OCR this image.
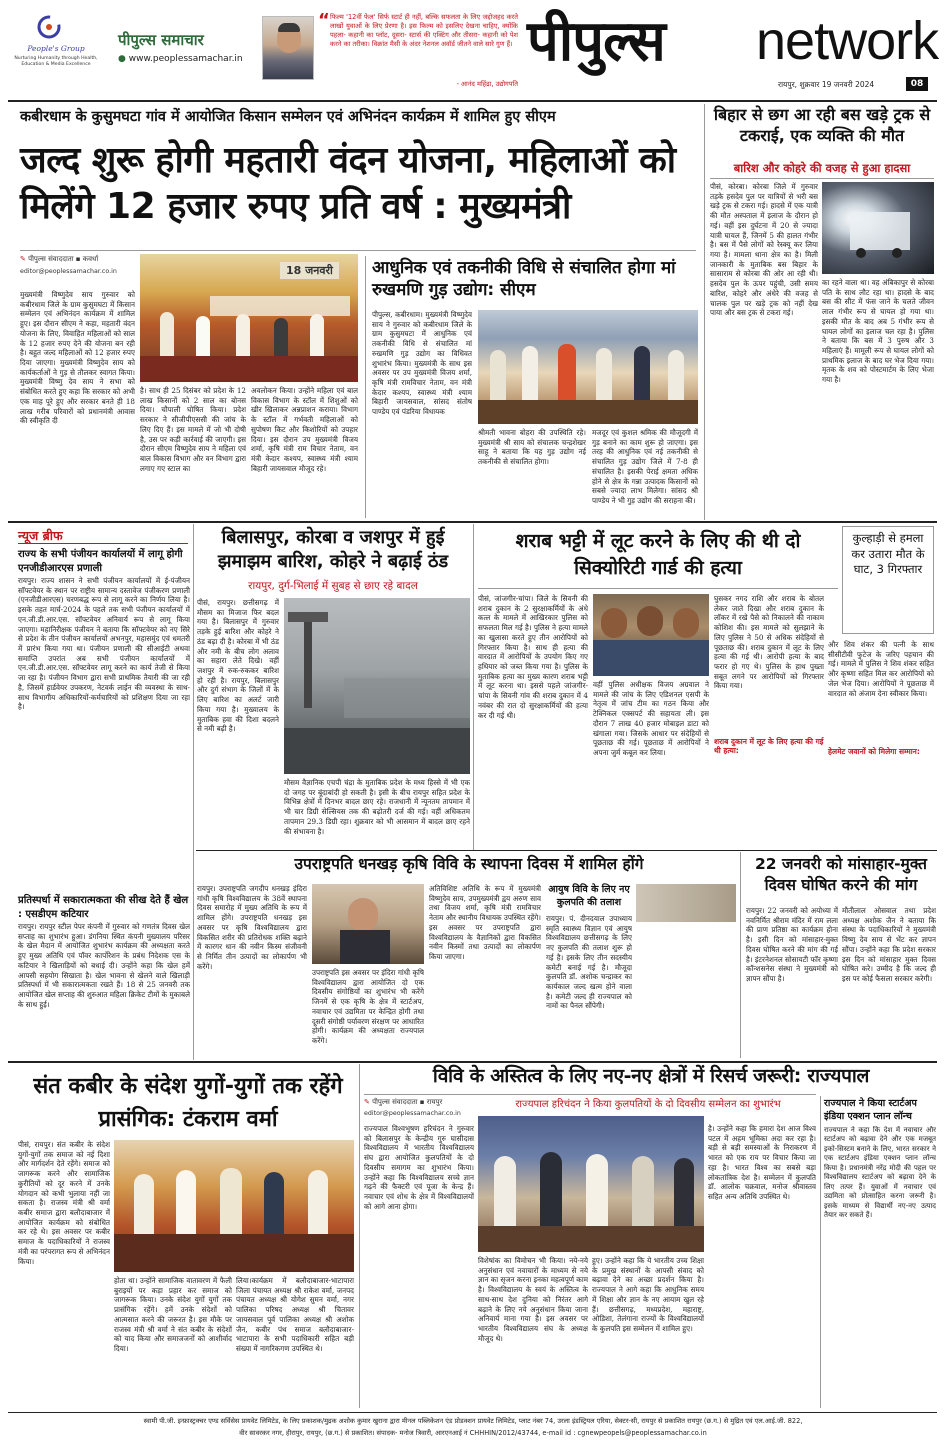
People's Group
Nurturing Humanity through Health, Education & Media Excellence
पीपुल्स समाचार
● www.peoplessamachar.in
“ फिल्म '12वीं फेल' सिर्फ स्टार्ट ही नहीं, बल्कि सफलता के लिए जद्दोजहद करते लाखों युवाओं के लिए प्रेरणा है। इस फिल्म को इसलिए देखना चाहिए, क्योंकि पहला- कहानी का प्लॉट, दूसरा- स्टार्स की एक्टिंग और तीसरा- कहानी को पेश करने का तरीका। विक्रांत मैसी के अंदर नेशनल अवॉर्ड जीतने वाले सारे गुण हैं।
- आनंद महिंद्रा, उद्योगपति
पीपुल्स network
रायपुर, शुक्रवार 19 जनवरी 2024	08
कबीरधाम के कुसुमघटा गांव में आयोजित किसान सम्मेलन एवं अभिनंदन कार्यक्रम में शामिल हुए सीएम
जल्द शुरू होगी महतारी वंदन योजना, महिलाओं को मिलेंगे 12 हजार रुपए प्रति वर्ष : मुख्यमंत्री
✎ पीपुल्स संवाददाता ▪ कवर्धा
editor@peoplessamachar.co.in	18 जनवरी
मुख्यमंत्री विष्णुदेव साय गुरुवार को कबीरधाम जिले के ग्राम कुसुमघटा में किसान सम्मेलन एवं अभिनंदन कार्यक्रम में शामिल हुए। इस दौरान सीएम ने कहा, महतारी वंदन योजना के लिए, विवाहित महिलाओं को साल के 12 हजार रुपए देने की योजना बन रही है। बहुत जल्द महिलाओं को 12 हजार रुपए दिया जाएगा। मुख्यमंत्री विष्णुदेव साय को कार्यकर्ताओं ने गुड़ से तौलकर स्वागत किया। मुख्यमंत्री विष्णु देव साय ने सभा को संबोधित करते हुए कहा कि सरकार को अभी एक माह पूरे हुए और सरकार बनते ही 18 लाख गरीब परिवारों को प्रधानमंत्री आवास की स्वीकृति दी
है। साथ ही 25 दिसंबर को प्रदेश के 12 लाख किसानों को 2 साल का बोनस दिया। चौपाली घोषित किया। प्रदेश सरकार ने सीजीपीएससी की जांच के लिए दिए हैं। इस मामले में जो भी दोषी है, उस पर कड़ी कार्रवाई की जाएगी। इस दौरान सीएम विष्णुदेव साय ने महिला एवं बाल विकास विभाग और वन विभाग द्वारा लगाए गए स्टाल का
अवलोकन किया। उन्होंने महिला एवं बाल विकास विभाग के स्टॉल में शिशुओं को खीर खिलाकर अन्नप्राशन कराया। विभाग के स्टॉल में गर्भवती महिलाओं को सुपोषण किट और किशोरियों को उपहार दिया। इस दौरान उप मुख्यमंत्री विजय शर्मा, कृषि मंत्री राम विचार नेताम, वन मंत्री केदार कश्यप, स्वास्थ्य मंत्री श्याम बिहारी जायसवाल मौजूद रहे।
आधुनिक एवं तकनीकी विधि से संचालित होगा मां रुखमणि गुड़ उद्योग: सीएम
पीपुल्स, कबीरधाम। मुख्यमंत्री विष्णुदेव साय ने गुरुवार को कबीरधाम जिले के ग्राम कुसुमघटा में आधुनिक एवं तकनीकी विधि से संचालित मां रुखमणि गुड़ उद्योग का विधिवत शुभारंभ किया। मुख्यमंत्री के साथ इस अवसर पर उप मुख्यमंत्री विजय शर्मा, कृषि मंत्री रामविचार नेताम, वन मंत्री केदार कश्यप, स्वास्थ्य मंत्री श्याम बिहारी जायसवाल, सांसद संतोष पाण्डेय एवं पंडरिया विधायक
श्रीमती भावना बोहरा की उपस्थिति रहे। मुख्यमंत्री श्री साय को संचालक चन्द्रशेखर साहू ने बताया कि यह गुड़ उद्योग नई तकनीकी से संचालित होगा।
मजदूर एवं कुशल श्रमिक की मौजूदगी में गुड़ बनाने का काम शुरू हो जाएगा। इस तरह की आधुनिक एवं नई तकनीकी से संचालित गुड़ उद्योग जिले में 7-8 ही संचालित है। इसकी पेराई क्षमता अधिक होने से क्षेत्र के गन्ना उत्पादक किसानों को सबसे ज्यादा लाभ मिलेगा। सांसद श्री पाण्डेय ने भी गुड़ उद्योग की सराहना की।
बिहार से छग आ रही बस खड़े ट्रक से टकराई, एक व्यक्ति की मौत
बारिश और कोहरे की वजह से हुआ हादसा
पीसं, कोरबा। कोरबा जिले में गुरुवार तड़के हसदेव पुल पर यात्रियों से भरी बस खड़े ट्रक से टकरा गई। हादसे में एक यात्री की मौत अस्पताल में इलाज के दौरान हो गई। वहीं इस दुर्घटना में 20 से ज्यादा यात्री घायल हैं, जिनमें 5 की हालत गंभीर है। बस में पैसे लोगों को रेस्क्यू कर लिया गया है। मामला थाना क्षेत्र का है। मिली जानकारी के मुताबिक बस बिहार के सासाराम से कोरबा की ओर आ रही थी। हसदेव पुल के ऊपर पहुंची, उसी समय बारिश, कोहरे और अंधेरे की वजह से चालक पुल पर खड़े ट्रक को नहीं देख पाया और बस ट्रक से टकरा गई।
का रहने वाला था। वह अंबिकापुर से कोरबा पति के साथ लौट रहा था। हादसे के बाद बस की सीट में फंस जाने के चलते जीवन लाल गंभीर रूप से घायल हो गया था। इसकी मौत के बाद अब 5 गंभीर रूप से घायल लोगों का इलाज चल रहा है। पुलिस ने बताया कि बस में 3 पुरुष और 3 महिलाएं हैं। मामूली रूप से घायल लोगों को प्राथमिक इलाज के बाद घर भेज दिया गया। मृतक के शव को पोस्टमार्टम के लिए भेजा गया है।
न्यूज ब्रीफ
राज्य के सभी पंजीयन कार्यालयों में लागू होगी एनजीडीआरएस प्रणाली
रायपुर। राज्य शासन ने सभी पंजीयन कार्यालयों में ई-पंजीयन सॉफ्टवेयर के स्थान पर राष्ट्रीय सामान्य दस्तावेज पंजीकरण प्रणाली (एनजीडीआरएस) चरणबद्ध रूप से लागू करने का निर्णय लिया है। इसके तहत मार्च-2024 के पहले तक सभी पंजीयन कार्यालयों में एन.जी.डी.आर.एस. सॉफ्टवेयर अनिवार्य रूप से लागू किया जाएगा। महानिरीक्षक पंजीयन ने बताया कि सॉफ्टवेयर को नए सिरे से प्रदेश के तीन पंजीयन कार्यालयों अभनपुर, महासमुंद एवं धमतरी में प्रारंभ किया गया था। पंजीयन प्रणाली की सीआईटी अथवा समाप्ति उपरांत अब सभी पंजीयन कार्यालयों में एन.जी.डी.आर.एस. सॉफ्टवेयर लागू करने का कार्य तेजी से किया जा रहा है। पंजीयन विभाग द्वारा सभी प्राथमिक तैयारी की जा रही है, जिसमें हार्डवेयर उपकरण, नेटवर्क लाईन की व्यवस्था के साथ-साथ विभागीय अधिकारियों-कर्मचारियों को प्रशिक्षण दिया जा रहा है।
प्रतिस्पर्धा में सकारात्मकता की सीख देते हैं खेल : एसडीएम कटियार
रायपुर। रायपुर स्टील पेपर कंपनी में गुरुवार को गणतंत्र दिवस खेल सप्ताह का शुभारंभ हुआ। डंगनिया स्थित कंपनी मुख्यालय परिसर के खेल मैदान में आयोजित शुभारंभ कार्यक्रम की अध्यक्षता करते हुए मुख्य अतिथि एवं पॉवर कार्पोरेशन के प्रबंध निदेशक एस के कटियार ने खिलाड़ियों को बधाई दी। उन्होंने कहा कि खेल हमें आपसी सहयोग सिखाता है। खेल भावना से खेलने वाले खिलाड़ी प्रतिस्पर्धा में भी सकारात्मकता रखते हैं। 18 से 25 जनवरी तक आयोजित खेल सप्ताह की शुरुआत महिला क्रिकेट टीमों के मुकाबले के साथ हुई।
बिलासपुर, कोरबा व जशपुर में हुई झमाझम बारिश, कोहरे ने बढ़ाई ठंड
रायपुर, दुर्ग-भिलाई में सुबह से छाए रहे बादल
पीसं, रायपुर। छत्तीसगढ़ में मौसम का मिजाज फिर बदल गया है। बिलासपुर में गुरुवार तड़के हुई बारिश और कोहरे ने ठंड बढ़ा दी है। कोरबा में भी ठंड और नमी के बीच लोग अलाव का सहारा लेते दिखे। वहीं जशपुर में रुक-रुककर बारिश हो रही है। रायपुर, बिलासपुर और दुर्ग संभाग के जिलों में के लिए बारिश का अलर्ट जारी किया गया है। मुख्यालय के मुताबिक हवा की दिशा बदलने से नमी बढ़ी है।
मौसम वैज्ञानिक एचपी चंद्रा के मुताबिक प्रदेश के मध्य हिस्से में भी एक दो जगह पर बूंदाबांदी हो सकती है। इसी के बीच रायपुर सहित प्रदेश के विभिन्न क्षेत्रों में दिनभर बादल छाए रहे। राजधानी में न्यूनतम तापमान में भी चार डिग्री सेल्सियस तक की बढ़ोतरी दर्ज की गई। वहीं अधिकतम तापमान 29.3 डिग्री रहा। शुक्रवार को भी आसमान में बादल छाए रहने की संभावना है।
शराब भट्टी में लूट करने के लिए की थी दो सिक्योरिटी गार्ड की हत्या
पीसं, जांजगीर-चांपा। जिले के सिवनी की शराब दुकान के 2 सुरक्षाकर्मियों के अंधे कत्ल के मामले में आखिरकार पुलिस को सफलता मिल गई है। पुलिस ने हत्या मामले का खुलासा करते हुए तीन आरोपियों को गिरफ्तार किया है। साथ ही हत्या की वारदात में आरोपियों के उपयोग किए गए हथियार को जब्त किया गया है। पुलिस के मुताबिक हत्या का मुख्य कारण शराब भट्टी में लूट करना था। इससे पहले जांजगीर-चांपा के सिवनी गांव की शराब दुकान में 4 नवंबर की रात दो सुरक्षाकर्मियों की हत्या कर दी गई थी।
वहीं पुलिस अधीक्षक विजय अग्रवाल ने मामले की जांच के लिए एडिशनल एसपी के नेतृत्व में जांच टीम का गठन किया और टेक्निकल एक्सपर्ट की सहायता ली। इस दौरान 7 लाख 40 हजार मोबाइल डाटा को खंगाला गया। जिसके आधार पर संदेहियों से पूछताछ की गई। पूछताछ में आरोपियों ने अपना जुर्म कबूल कर लिया।
घुसकर नगद राशि और शराब के बोतल लेकर जाते दिखा और शराब दुकान के लॉकर में रखे पैसे को निकालने की नाकाम कोशिश की। इस मामले को सुलझाने के लिए पुलिस ने 50 से अधिक संदेहियों से पूछताछ की। शराब दुकान में लूट के लिए हत्या की गई थी। आरोपी हत्या के बाद फरार हो गए थे। पुलिस के हाथ पुख्ता सबूत लगने पर आरोपियों को गिरफ्तार किया गया।
शराब दुकान में लूट के लिए हत्या की गई थी हत्या:	हेलमेट जवानों को मिलेगा सम्मान:
और शिव शंकर की पत्नी के साथ सीसीटीवी फुटेज के जरिए पहचान की गई। मामले में पुलिस ने शिव शंकर सहित और कृष्णा सहित मिल कर आरोपियों को जेल भेज दिया। आरोपियों ने पूछताछ में वारदात को अंजाम देना स्वीकार किया।
कुल्हाड़ी से हमला कर उतारा मौत के घाट, 3 गिरफ्तार
उपराष्ट्रपति धनखड़ कृषि विवि के स्थापना दिवस में शामिल होंगे
रायपुर। उपराष्ट्रपति जगदीप धनखड़ इंदिरा गांधी कृषि विश्वविद्यालय के 38वें स्थापना दिवस समारोह में मुख्य अतिथि के रूप में शामिल होंगे। उपराष्ट्रपति धनखड़ इस अवसर पर कृषि विश्वविद्यालय द्वारा विकसित शरीर की प्रतिरोधक शक्ति बढ़ाने में कारगर धान की नवीन किस्म संजीवनी से निर्मित तीन उत्पादों का लोकार्पण भी करेंगे।
उपराष्ट्रपति इस अवसर पर इंदिरा गांधी कृषि विश्वविद्यालय द्वारा आयोजित दो एक दिवसीय संगोष्ठियों का शुभारंभ भी करेंगे जिनमें से एक कृषि के क्षेत्र में स्टार्टअप, नवाचार एवं उद्यमिता पर केन्द्रित होगी तथा दूसरी संगोष्ठी पर्यावरण संरक्षण पर आधारित होगी। कार्यक्रम की अध्यक्षता राज्यपाल करेंगे।
अतिविशिष्ट अतिथि के रूप में मुख्यमंत्री विष्णुदेव साय, उपमुख्यमंत्री द्वय अरुण साव तथा विजय शर्मा, कृषि मंत्री रामविचार नेताम और स्थानीय विधायक उपस्थित रहेंगे। इस अवसर पर उपराष्ट्रपति द्वारा विश्वविद्यालय के वैज्ञानिकों द्वारा विकसित नवीन किस्मों तथा उत्पादों का लोकार्पण किया जाएगा।
आयुष विवि के लिए नए कुलपति की तलाश
रायपुर। पं. दीनदयाल उपाध्याय स्मृति स्वास्थ्य विज्ञान एवं आयुष विश्वविद्यालय छत्तीसगढ़ के लिए नए कुलपति की तलाश शुरू हो गई है। इसके लिए तीन सदस्यीय कमेटी बनाई गई है। मौजूदा कुलपति डॉ. अशोक चन्द्राकर का कार्यकाल जल्द खत्म होने वाला है। कमेटी जल्द ही राज्यपाल को नामों का पैनल सौंपेगी।
22 जनवरी को मांसाहार-मुक्त दिवस घोषित करने की मांग
रायपुर। 22 जनवरी को अयोध्या में नवनिर्मित श्रीराम मंदिर में राम लला की प्राण प्रतिष्ठा का कार्यक्रम होना है। इसी दिन को मांसाहार-मुक्त दिवस घोषित करने की मांग की गई है। इंटरनेशनल सोसायटी फॉर कृष्णा कॉन्शसनेस संस्था ने मुख्यमंत्री को ज्ञापन सौंपा है।
मौतीलाल ओसवाल तथा प्रदेश अध्यक्ष अशोक जैन ने बताया कि संस्था के पदाधिकारियों ने मुख्यमंत्री विष्णु देव साय से भेंट कर ज्ञापन सौंपा। उन्होंने कहा कि प्रदेश सरकार इस दिन को मांसाहार मुक्त दिवस घोषित करे। उम्मीद है कि जल्द ही इस पर कोई फैसला सरकार करेगी।
संत कबीर के संदेश युगों-युगों तक रहेंगे प्रासंगिक: टंकराम वर्मा
पीसं, रायपुर। संत कबीर के संदेश युगों-युगों तक समाज को नई दिशा और मार्गदर्शन देते रहेंगे। समाज को जागरूक करने और सामाजिक कुरीतियों को दूर करने में उनके योगदान को कभी भुलाया नहीं जा सकता है। राजस्व मंत्री श्री वर्मा कबीर समाज द्वारा बलौदाबाजार में आयोजित कार्यक्रम को संबोधित कर रहे थे। इस अवसर पर कबीर समाज के पदाधिकारियों ने राजस्व मंत्री का परंपरागत रूप से अभिनंदन किया।
होता था। उन्होंने सामाजिक वातावरण में फैली बुराइयों पर कड़ा प्रहार कर समाज को जागरूक किया। उनके संदेश युगों युगों तक प्रासंगिक रहेंगे। हमें उनके संदेशों को आत्मसात करने की जरूरत है। इस मौके पर राजस्व मंत्री श्री वर्मा ने संत कबीर के संदेशों को याद किया और समाजजनों को आशीर्वाद दिया।
लिया।कार्यक्रम में बलौदाबाजार-भाटापारा जिला पंचायत अध्यक्ष श्री राकेश वर्मा, जनपद पंचायत अध्यक्ष श्री योगेश सुमन वर्मा, नगर पालिका परिषद अध्यक्ष श्री चितावर जायसवाल पूर्व पालिका अध्यक्ष श्री अशोक जैन, कबीर पंथ समाज बलौदाबाजार-भाटापारा के सभी पदाधिकारी सहित बड़ी संख्या में नागरिकगण उपस्थित थे।
विवि के अस्तित्व के लिए नए-नए क्षेत्रों में रिसर्च जरूरी: राज्यपाल
✎ पीपुल्स संवाददाता ▪ रायपुर
editor@peoplessamachar.co.in
राज्यपाल हरिचंदन ने किया कुलपतियों के दो दिवसीय सम्मेलन का शुभारंभ
राज्यपाल विश्वभूषण हरिचंदन ने गुरुवार को बिलासपुर के केन्द्रीय गुरु घासीदास विश्वविद्यालय में भारतीय विश्वविद्यालय संघ द्वारा आयोजित कुलपतियों के दो दिवसीय समागम का शुभारंभ किया। उन्होंने कहा कि विश्वविद्यालय सच्चे ज्ञान गढ़ने की फैक्टरी एवं पूजा के केन्द्र हैं। नवाचार एवं शोध के क्षेत्र में विश्वविद्यालयों को आगे आना होगा।
विशेषांक का विमोचन भी किया। नये-नये अनुसंधान एवं नवाचारों के माध्यम से नये ज्ञान का सृजन करना इनका महत्वपूर्ण काम है। विश्वविद्यालय के स्वयं के अस्तित्व के साथ-साथ देश दुनिया को निरंतर आगे बढ़ाने के लिए नये अनुसंधान किया जाना अनिवार्य माना गया है। इस अवसर पर भारतीय विश्वविद्यालय संघ के अध्यक्ष मौजूद थे।
हुए। उन्होंने कहा कि ये भारतीय उच्च शिक्षा के प्रमुख संस्थानों के आपसी संवाद को बढ़ावा देने का अच्छा प्रदर्शन किया है। राज्यपाल ने आगे कहा कि आधुनिक समय में शिक्षा और ज्ञान के नए आयाम खुल रहे हैं। छत्तीसगढ़, मध्यप्रदेश, महाराष्ट्र, ओडिशा, तेलंगाना राज्यों के विश्वविद्यालयों के कुलपति इस सम्मेलन में शामिल हुए।
है। उन्होंने कहा कि हमारा देश आज विश्व पटल में अहम भूमिका अदा कर रहा है। बड़ी से बड़ी समस्याओं के निराकरण में भारत को एक राय पर विचार किया जा रहा है। भारत विश्व का सबसे बड़ा लोकतांत्रिक देश है। सम्मेलन में कुलपति डॉ. आलोक चक्रवाल, मनोज श्रीवास्तव सहित अन्य अतिथि उपस्थित थे।
राज्यपाल ने किया स्टार्टअप इंडिया एक्शन प्लान लॉन्च
राज्यपाल ने कहा कि देश में नवाचार और स्टार्टअप को बढ़ावा देने और एक मजबूत इको-सिस्टम बनाने के लिए, भारत सरकार ने एक स्टार्टअप इंडिया एक्शन प्लान लॉन्च किया है। प्रधानमंत्री नरेंद्र मोदी की पहल पर विश्वविद्यालय स्टार्टअप को बढ़ावा देने के लिए तत्पर हैं। युवाओं में नवाचार एवं उद्यमिता को प्रोत्साहित करना जरूरी है। इसके माध्यम से विद्यार्थी नए-नए उत्पाद तैयार कर सकते हैं।
स्वामी पी.जी. इन्फ्रास्ट्रक्चर एण्ड सर्विसेस प्रायवेट लिमिटेड, के लिए प्रकाशक/मुद्रक अशोक कुमार खुराना द्वारा मीनल पब्लिकेशन एंड प्रोडक्शन प्रायवेट लिमिटेड, प्लाट नंबर 74, उरला इंडस्ट्रियल एरिया, सेक्टर-सी, रायपुर से प्रकाशित रायपुर (छ.ग.) से मुद्रित एवं एल.आई.जी. 822,
वीर सावरकर नगर, हीरापुर, रायपुर, (छ.ग.) से प्रकाशित। संपादक- मनोज त्रिवारी, आरएनआई नं CHHHIN/2012/43744, e-mail id : cgnewpeopels@peoplessamachar.co.in
